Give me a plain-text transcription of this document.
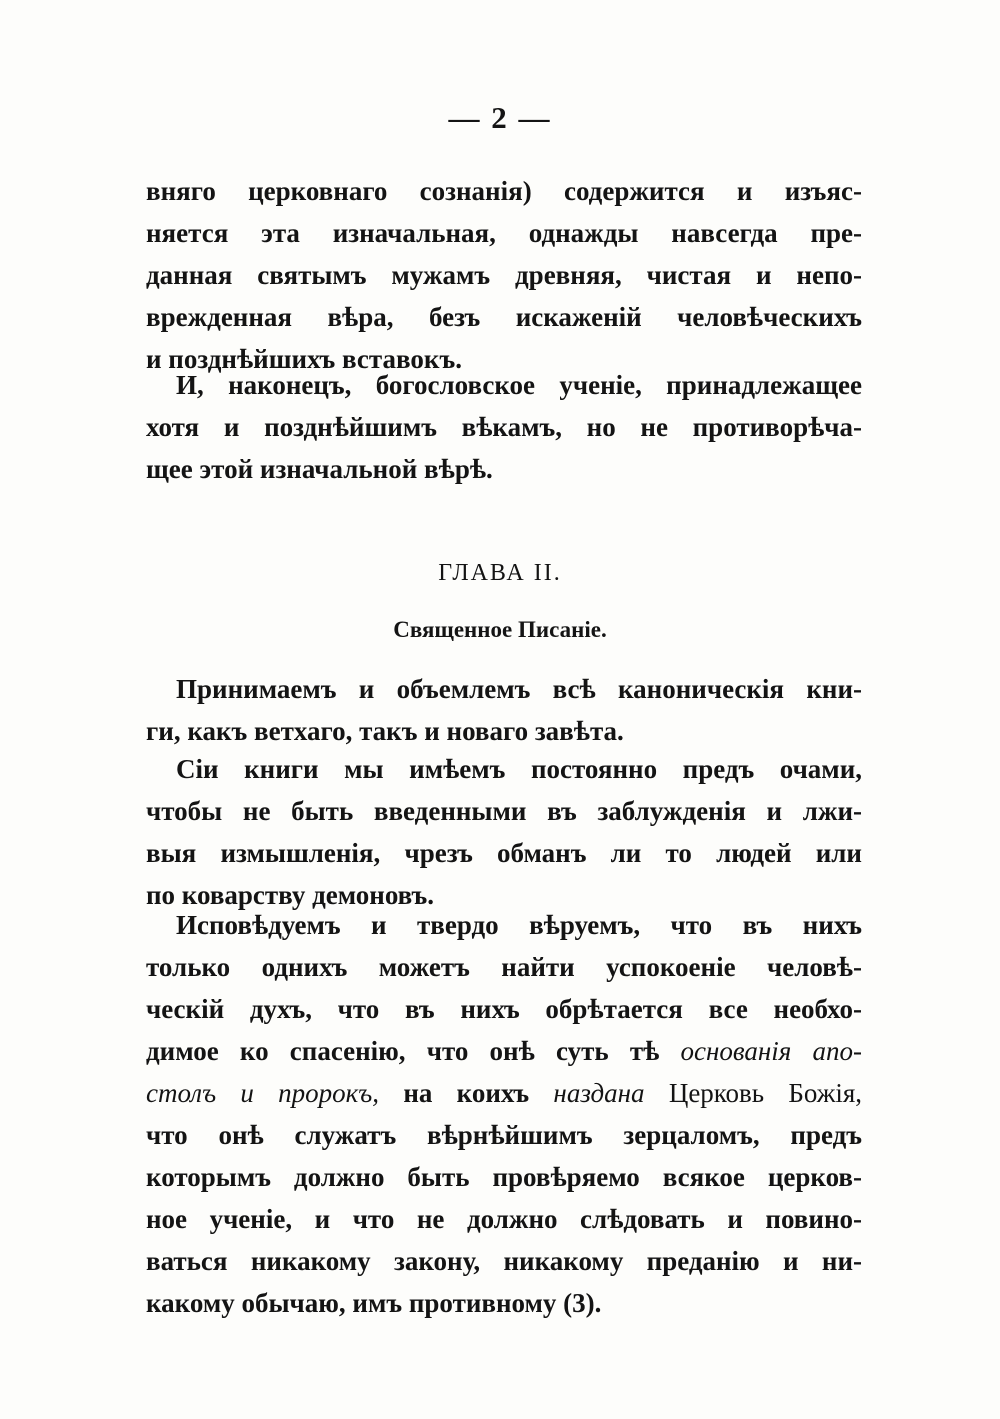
— 2 —
вняго церковнаго сознанія) содержится и изъяс-
няется эта изначальная, однажды навсегда пре-
данная святымъ мужамъ древняя, чистая и непо-
врежденная вѣра, безъ искаженій человѣческихъ
и позднѣйшихъ вставокъ.
И, наконецъ, богословское ученіе, принадлежащее
хотя и позднѣйшимъ вѣкамъ, но не противорѣча-
щее этой изначальной вѣрѣ.
ГЛАВА II.
Священное Писаніе.
Принимаемъ и объемлемъ всѣ каноническія кни-
ги, какъ ветхаго, такъ и новаго завѣта.
Сіи книги мы имѣемъ постоянно предъ очами,
чтобы не быть введенными въ заблужденія и лжи-
выя измышленія, чрезъ обманъ ли то людей или
по коварству демоновъ.
Исповѣдуемъ и твердо вѣруемъ, что въ нихъ
только однихъ можетъ найти успокоеніе человѣ-
ческій духъ, что въ нихъ обрѣтается все необхо-
димое ко спасенію, что онѣ суть тѣ основанія апо-
столъ и пророкъ, на коихъ наздана Церковь Божія,
что онѣ служатъ вѣрнѣйшимъ зерцаломъ, предъ
которымъ должно быть провѣряемо всякое церков-
ное ученіе, и что не должно слѣдовать и повино-
ваться никакому закону, никакому преданію и ни-
какому обычаю, имъ противному (3).
